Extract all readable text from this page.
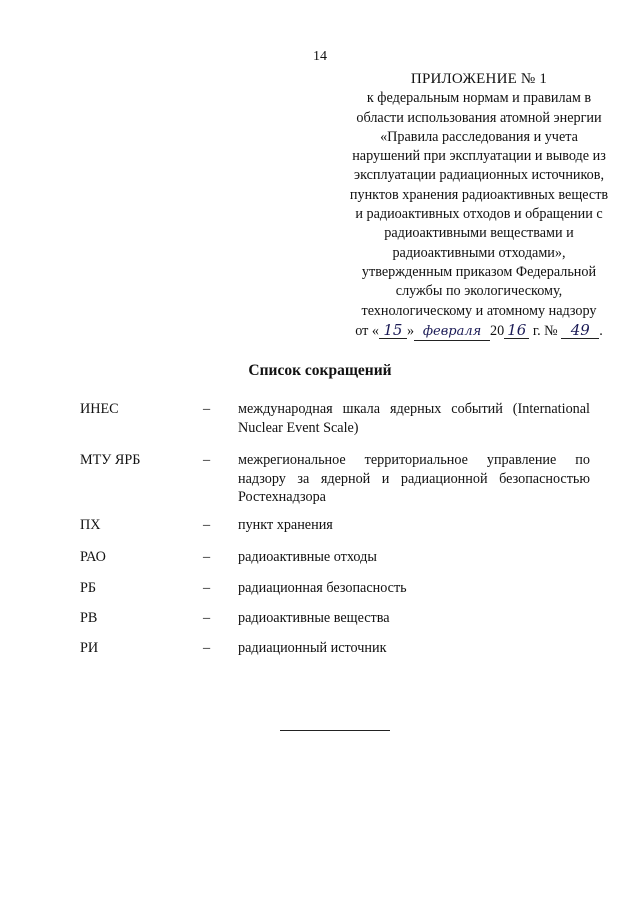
14
ПРИЛОЖЕНИЕ № 1
к федеральным нормам и правилам в
области использования атомной энергии
«Правила расследования и учета
нарушений при эксплуатации и выводе из
эксплуатации радиационных источников,
пунктов хранения радиоактивных веществ
и радиоактивных отходов и обращении с
радиоактивными веществами и
радиоактивными отходами»,
утвержденным приказом Федеральной
службы по экологическому,
технологическому и атомному надзору
от « 15 » февраля 20 16 г. № 49 .
Список сокращений
ИНЕС	– международная шкала ядерных событий (International Nuclear Event Scale)
МТУ ЯРБ	– межрегиональное территориальное управление по надзору за ядерной и радиационной безопасностью Ростехнадзора
ПХ	– пункт хранения
РАО	– радиоактивные отходы
РБ	– радиационная безопасность
РВ	– радиоактивные вещества
РИ	– радиационный источник
